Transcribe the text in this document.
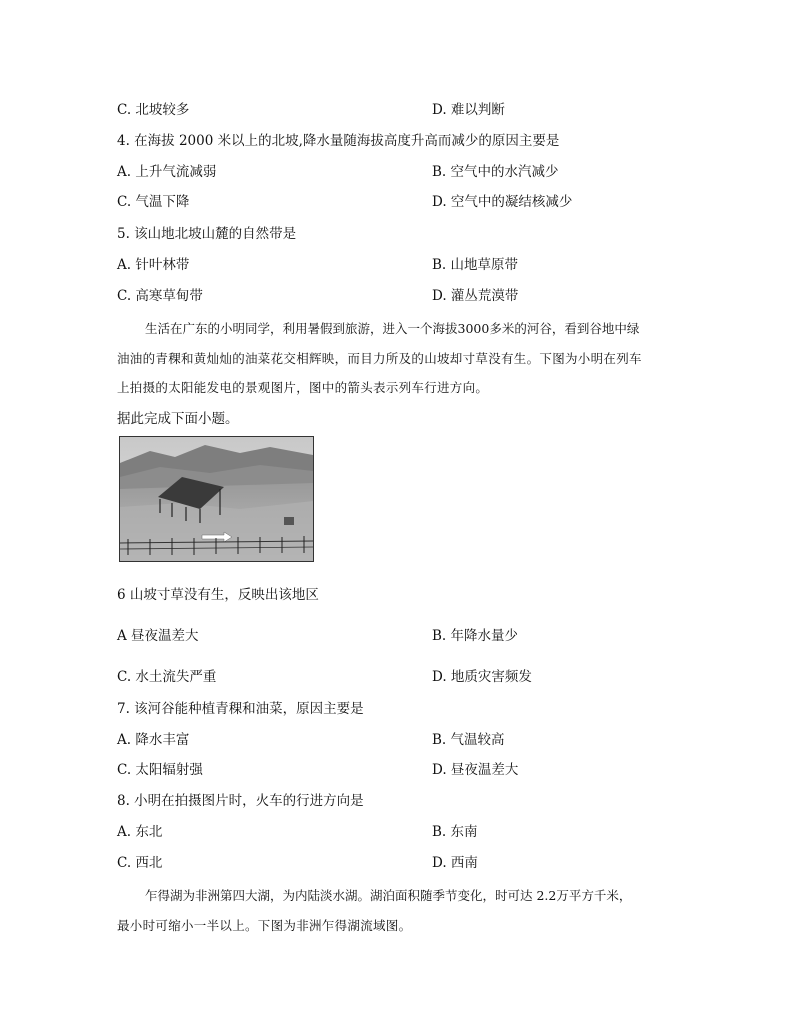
C. 北坡较多	D. 难以判断
4. 在海拔 2000 米以上的北坡,降水量随海拔高度升高而减少的原因主要是
A. 上升气流减弱	B. 空气中的水汽减少
C. 气温下降	D. 空气中的凝结核减少
5. 该山地北坡山麓的自然带是
A. 针叶林带	B. 山地草原带
C. 高寒草甸带	D. 灌丛荒漠带
生活在广东的小明同学，利用暑假到旅游，进入一个海拔3000多米的河谷，看到谷地中绿
油油的青稞和黄灿灿的油菜花交相辉映，而目力所及的山坡却寸草没有生。下图为小明在列车
上拍摄的太阳能发电的景观图片，图中的箭头表示列车行进方向。
据此完成下面小题。
6 山坡寸草没有生，反映出该地区
A 昼夜温差大	B. 年降水量少
C. 水土流失严重	D. 地质灾害频发
7. 该河谷能种植青稞和油菜，原因主要是
A. 降水丰富	B. 气温较高
C. 太阳辐射强	D. 昼夜温差大
8. 小明在拍摄图片时，火车的行进方向是
A. 东北	B. 东南
C. 西北	D. 西南
乍得湖为非洲第四大湖，为内陆淡水湖。湖泊面积随季节变化，时可达 2.2万平方千米，
最小时可缩小一半以上。下图为非洲乍得湖流域图。
